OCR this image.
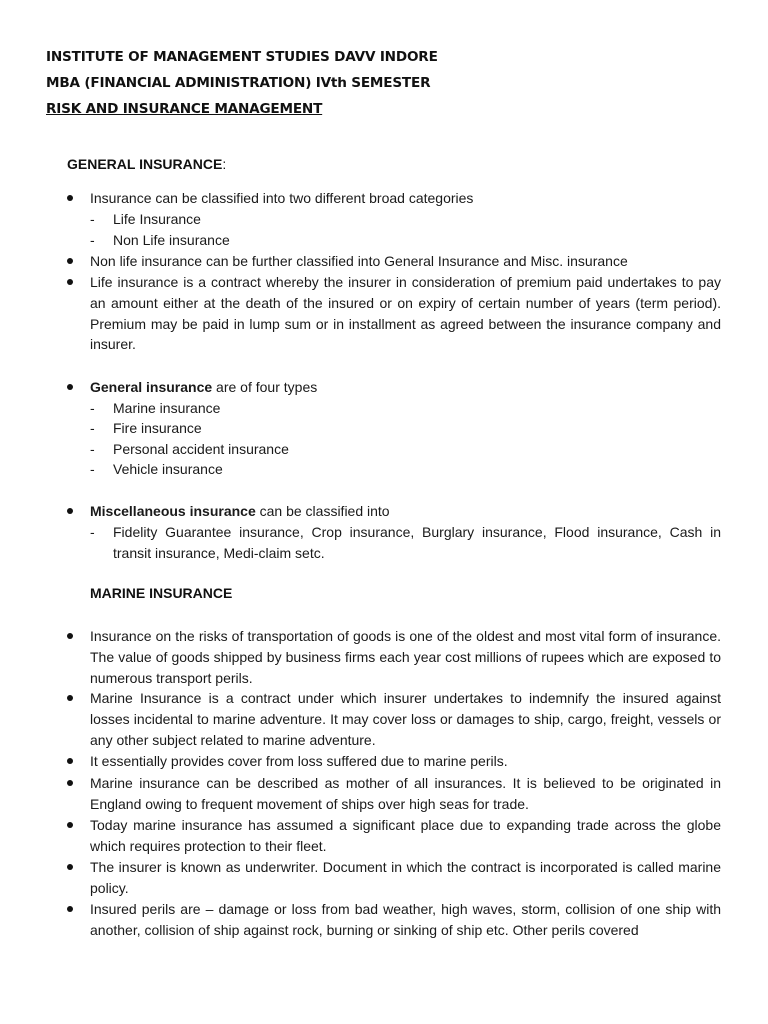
INSTITUTE OF MANAGEMENT STUDIES DAVV INDORE
MBA (FINANCIAL ADMINISTRATION) IVth SEMESTER
RISK AND INSURANCE MANAGEMENT
GENERAL INSURANCE:
Insurance can be classified into two different broad categories
- Life Insurance
- Non Life insurance
Non life insurance can be further classified into General Insurance and Misc. insurance
Life insurance is a contract whereby the insurer in consideration of premium paid undertakes to pay an amount either at the death of the insured or on expiry of certain number of years (term period). Premium may be paid in lump sum or in installment as agreed between the insurance company and insurer.
General insurance are of four types
- Marine insurance
- Fire insurance
- Personal accident insurance
- Vehicle insurance
Miscellaneous insurance can be classified into
- Fidelity Guarantee insurance, Crop insurance, Burglary insurance, Flood insurance, Cash in transit insurance, Medi-claim setc.
MARINE INSURANCE
Insurance on the risks of transportation of goods is one of the oldest and most vital form of insurance. The value of goods shipped by business firms each year cost millions of rupees which are exposed to numerous transport perils.
Marine Insurance is a contract under which insurer undertakes to indemnify the insured against losses incidental to marine adventure. It may cover loss or damages to ship, cargo, freight, vessels or any other subject related to marine adventure.
It essentially provides cover from loss suffered due to marine perils.
Marine insurance can be described as mother of all insurances. It is believed to be originated in England owing to frequent movement of ships over high seas for trade.
Today marine insurance has assumed a significant place due to expanding trade across the globe which requires protection to their fleet.
The insurer is known as underwriter. Document in which the contract is incorporated is called marine policy.
Insured perils are – damage or loss from bad weather, high waves, storm, collision of one ship with another, collision of ship against rock, burning or sinking of ship etc. Other perils covered
